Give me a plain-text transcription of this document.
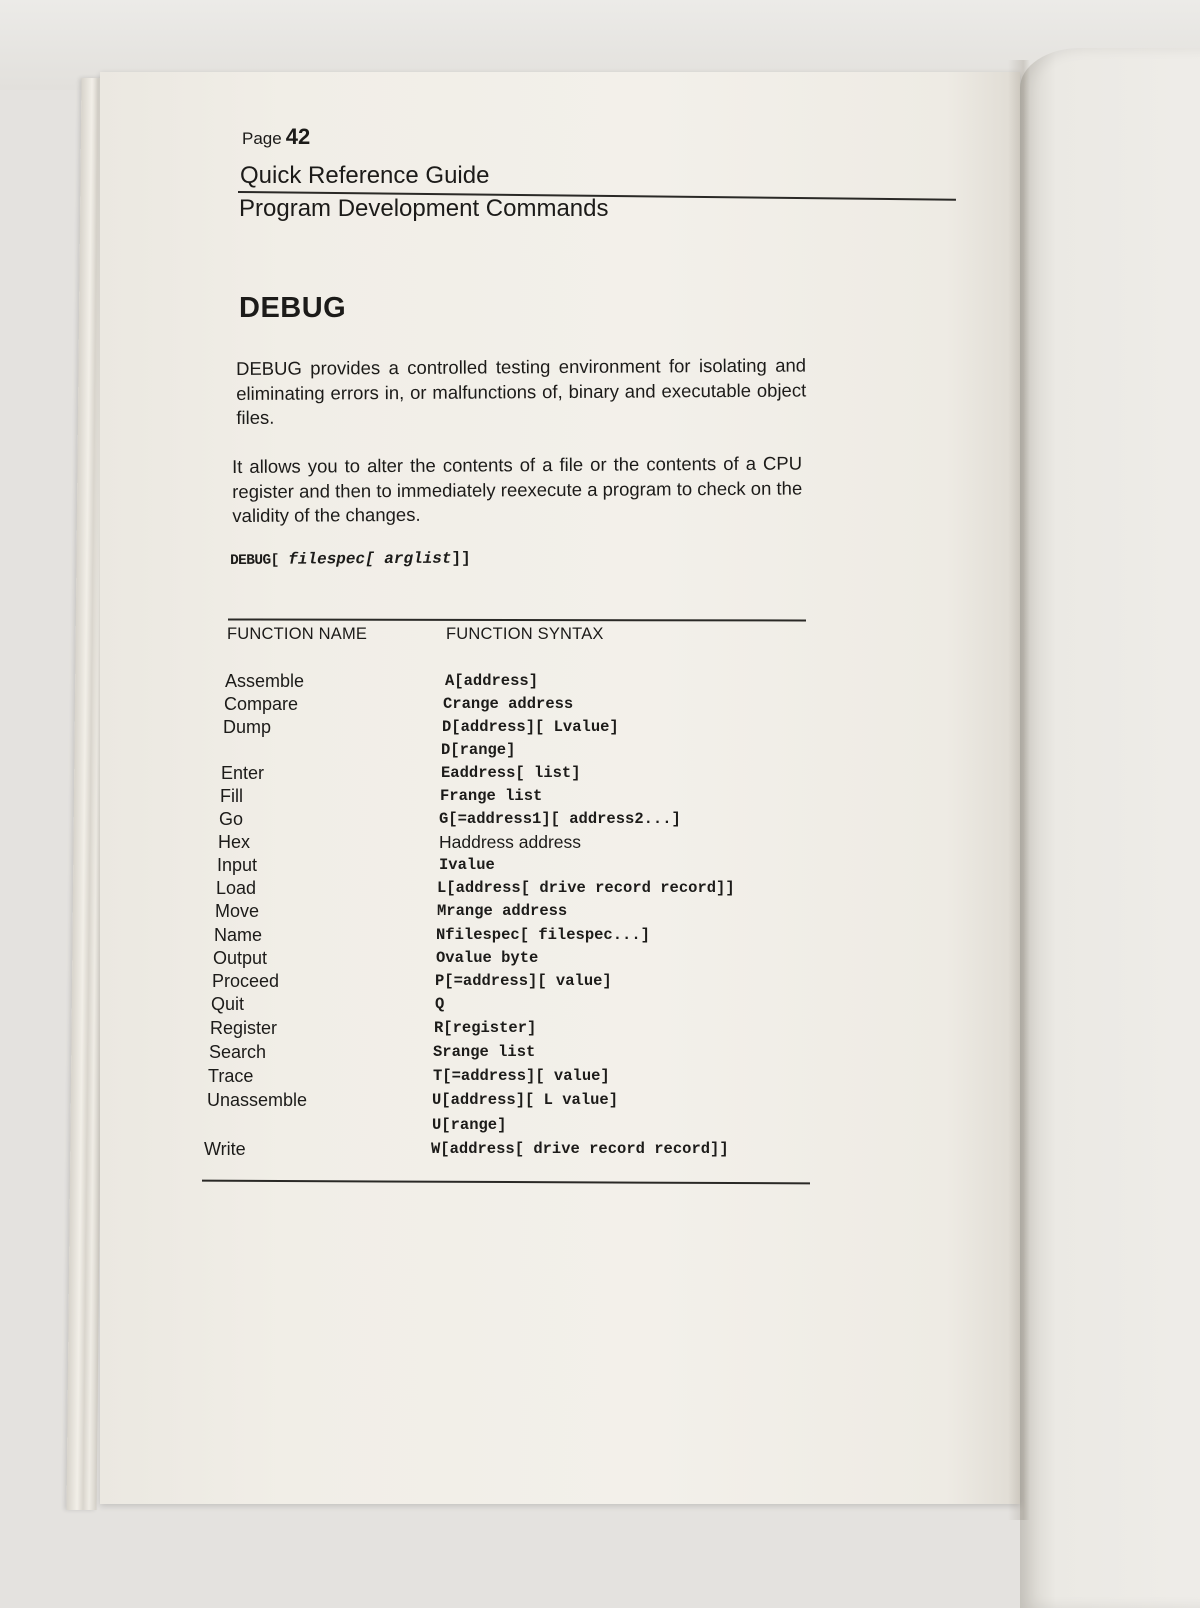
Page 42
Quick Reference Guide
Program Development Commands
DEBUG
DEBUG provides a controlled testing environment for isolating and eliminating errors in, or malfunctions of, binary and executable object files.
It allows you to alter the contents of a file or the contents of a CPU register and then to immediately reexecute a program to check on the validity of the changes.
DEBUG[ filespec[ arglist]]
FUNCTION NAME	FUNCTION SYNTAX
Assemble	A[address]
Compare	Crange address
Dump	D[address][ Lvalue]
D[range]
Enter	Eaddress[ list]
Fill	Frange list
Go	G[=address1][ address2...]
Hex	Haddress address
Input	Ivalue
Load	L[address[ drive record record]]
Move	Mrange address
Name	Nfilespec[ filespec...]
Output	Ovalue byte
Proceed	P[=address][ value]
Quit	Q
Register	R[register]
Search	Srange list
Trace	T[=address][ value]
Unassemble	U[address][ L value]
U[range]
Write	W[address[ drive record record]]
